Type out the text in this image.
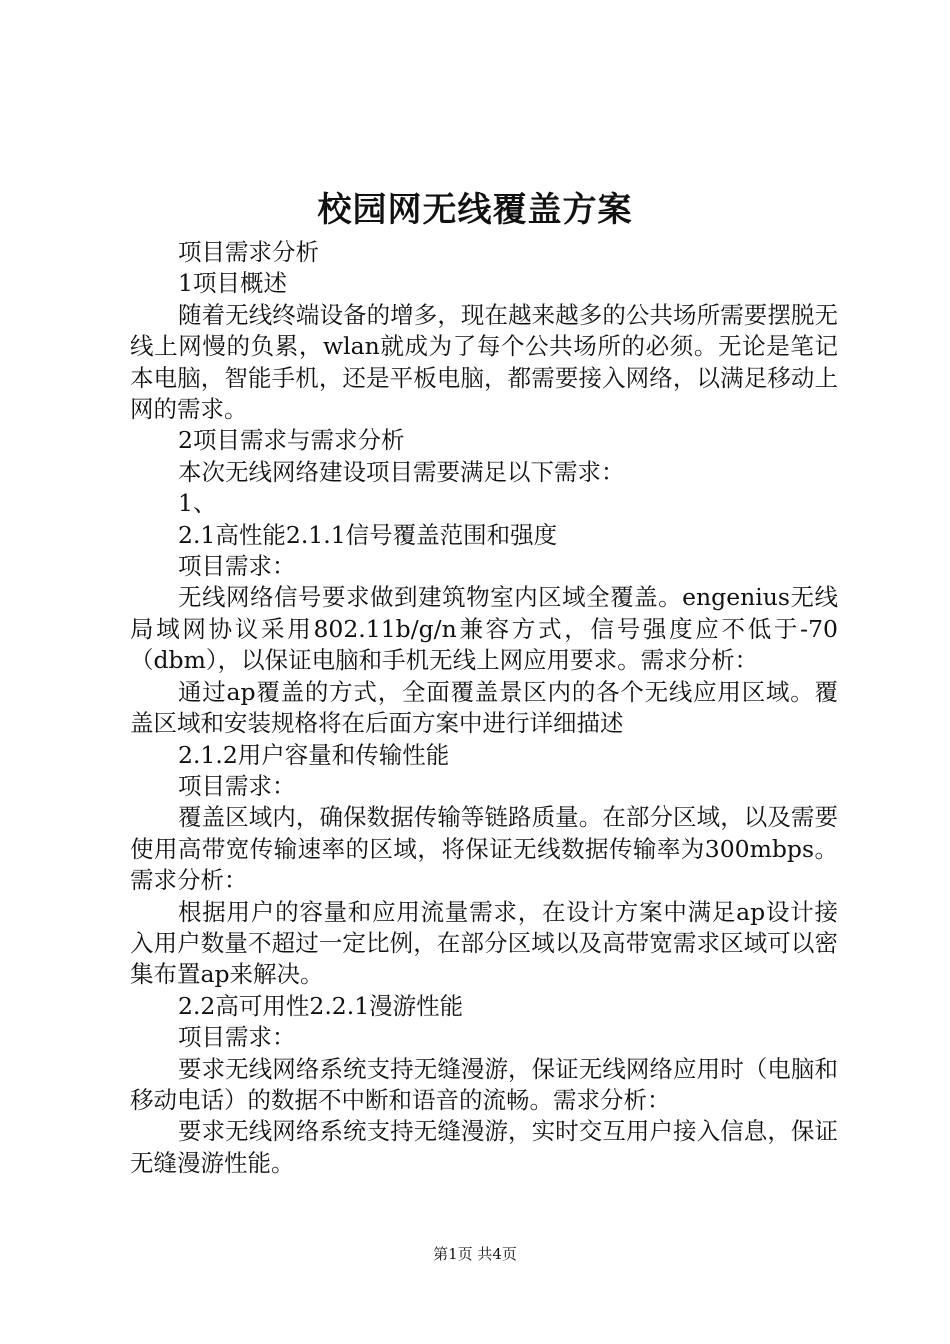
校园网无线覆盖方案

项目需求分析

1项目概述

随着无线终端设备的增多，现在越来越多的公共场所需要摆脱无线上网慢的负累，wlan就成为了每个公共场所的必须。无论是笔记本电脑，智能手机，还是平板电脑，都需要接入网络，以满足移动上网的需求。

2项目需求与需求分析

本次无线网络建设项目需要满足以下需求：

1、

2.1高性能2.1.1信号覆盖范围和强度

项目需求：

无线网络信号要求做到建筑物室内区域全覆盖。engenius无线局域网协议采用802.11b/g/n兼容方式，信号强度应不低于-70（dbm），以保证电脑和手机无线上网应用要求。需求分析：

通过ap覆盖的方式，全面覆盖景区内的各个无线应用区域。覆盖区域和安装规格将在后面方案中进行详细描述

2.1.2用户容量和传输性能

项目需求：

覆盖区域内，确保数据传输等链路质量。在部分区域，以及需要使用高带宽传输速率的区域，将保证无线数据传输率为300mbps。需求分析：

根据用户的容量和应用流量需求，在设计方案中满足ap设计接入用户数量不超过一定比例，在部分区域以及高带宽需求区域可以密集布置ap来解决。

2.2高可用性2.2.1漫游性能

项目需求：

要求无线网络系统支持无缝漫游，保证无线网络应用时（电脑和移动电话）的数据不中断和语音的流畅。需求分析：

要求无线网络系统支持无缝漫游，实时交互用户接入信息，保证无缝漫游性能。

第1页 共4页
